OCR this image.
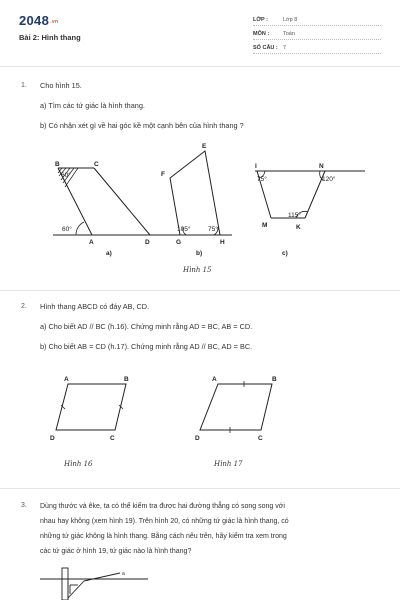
2048.vn
Bài 2: Hình thang
LỚP :	Lớp 8
MÔN :	Toán
SỐ CÂU : 7
1. Cho hình 15.
a) Tìm các tứ giác là hình thang.
b) Có nhận xét gì về hai góc kề một cạnh bên của hình thang ?
B	C
A	D
E
F
G	H
I	N
M	K
60°
60°	105°	75°
75°	120°
115°
a)	b)	c)
Hình 15
2. Hình thang ABCD có đáy AB, CD.
a) Cho biết AD // BC (h.16). Chứng minh rằng AD = BC, AB = CD.
b) Cho biết AB = CD (h.17). Chứng minh rằng AD // BC, AD = BC.
A	B
D	C
A	B
D	C
Hình 16	Hình 17
3. Dùng thước và êke, ta có thể kiểm tra được hai đường thẳng có song song với
nhau hay không (xem hình 19). Trên hình 20, có những tứ giác là hình thang, có
những tứ giác không là hình thang. Bằng cách nêu trên, hãy kiểm tra xem trong
các tứ giác ở hình 19, tứ giác nào là hình thang?
a
